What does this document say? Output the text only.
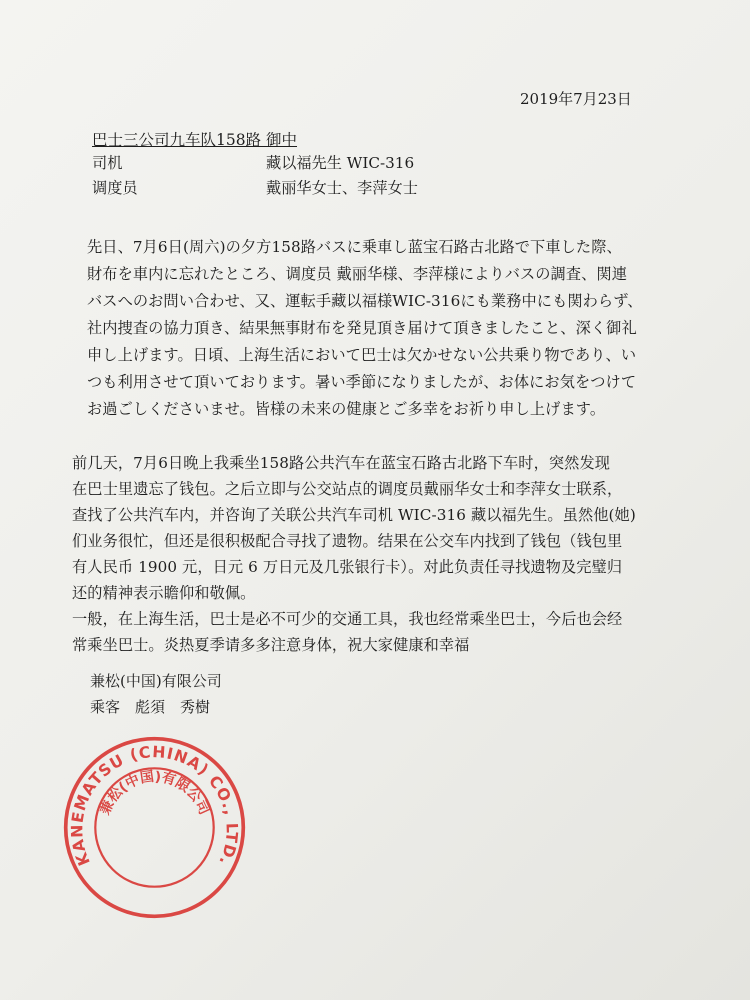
2019年7月23日
巴士三公司九车队158路 御中
司机	藏以福先生 WIC-316
调度员	戴丽华女士、李萍女士
先日、7月6日(周六)の夕方158路バスに乗車し蓝宝石路古北路で下車した際、
財布を車内に忘れたところ、调度员 戴丽华様、李萍様によりバスの調査、関連
バスへのお問い合わせ、又、運転手藏以福様WIC-316にも業務中にも関わらず、
社内捜査の協力頂き、結果無事財布を発見頂き届けて頂きましたこと、深く御礼
申し上げます。日頃、上海生活において巴士は欠かせない公共乗り物であり、い
つも利用させて頂いております。暑い季節になりましたが、お体にお気をつけて
お過ごしくださいませ。皆様の未来の健康とご多幸をお祈り申し上げます。
前几天，7月6日晚上我乘坐158路公共汽车在蓝宝石路古北路下车时，突然发现
在巴士里遗忘了钱包。之后立即与公交站点的调度员戴丽华女士和李萍女士联系，
查找了公共汽车内，并咨询了关联公共汽车司机 WIC-316 藏以福先生。虽然他(她)
们业务很忙，但还是很积极配合寻找了遗物。结果在公交车内找到了钱包（钱包里
有人民币 1900 元，日元 6 万日元及几张银行卡）。对此负责任寻找遗物及完璧归
还的精神表示瞻仰和敬佩。
一般，在上海生活，巴士是必不可少的交通工具，我也经常乘坐巴士，今后也会经
常乘坐巴士。炎热夏季请多多注意身体，祝大家健康和幸福
兼松(中国)有限公司
乘客　彪須　秀樹
KANEMATSU (CHINA) CO., LTD.
兼松(中国)有限公司
